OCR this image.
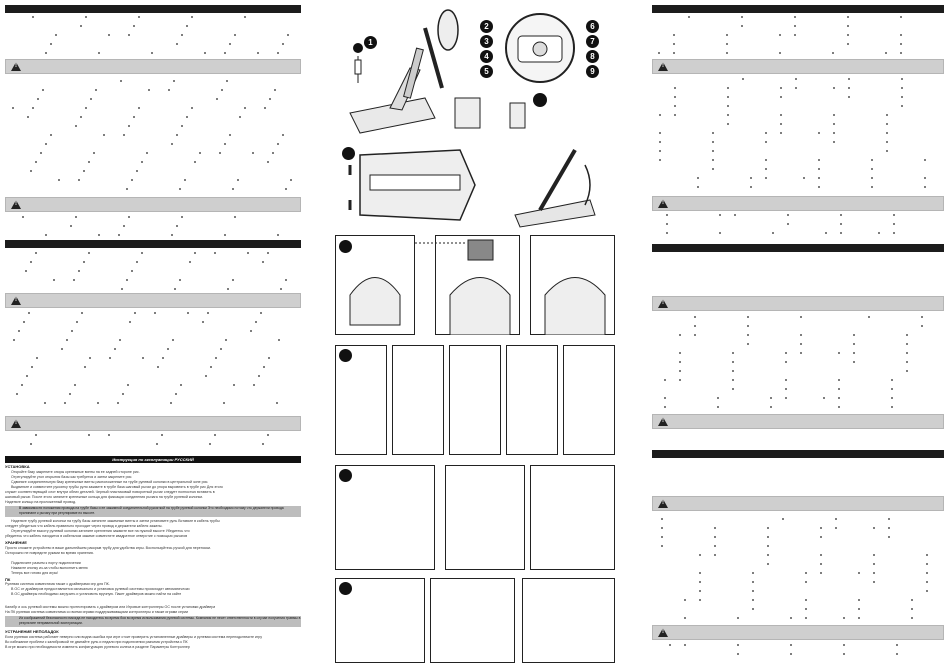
!
!
!
!
Инструкция по эксплуатации РУССКИЙ
УСТАНОВКА
Откройте базу закрепите опоры крепежные винты на ее задней стороне рис.
Отрегулируйте угол открытия базы как требуется и затем закрепите рис.
Сдвиньте соединительную базу крепежные винты расположенные на трубе рулевой колонки в центральной зоне рис.
Выдвиньте и совместите рукоятку трубы руля зажмите в трубе база шаговый рычаг до упора выровнять в трубе рис Для этого
служит соответствующий слот внутри обеих деталей. Черный пластиковый поворотный рычаг следует полностью вставить в
шаговый рычаг. После этого затяните крепежные кольца для фиксации соединения рычага на трубе рулевой колонки.
Наденьте кольцо на проложенный провод.
В зависимости положения провода на трубе базы и ее зажимной соединительной рукояткой на трубе рулевой колонки Это необходимо потому что держатели провода прилипают к рычагу при регулировке по высоте.
Наденьте трубу рулевой колонки на трубу базы затяните зажимные винты и затем установите руль Вставьте в кабель трубы
следует убедиться что кабель правильно проходит через провод и держатели кабеля зажаты.
Отрегулируйте высоту рулевой колонки затяните крепления зажмите все на нужной высоте Убедитесь что
убедитесь что кабель находится в кабельном зажиме совместите квадратное отверстие с помощью рычагов
ХРАНЕНИЕ
Просто сложите устройство в ваше дальнейшем раскрыв трубу для удобства игры. Воспользуйтесь ручкой для переноски.
Осторожно не повредите руками во время хранения.
Подключите разъем к порту подключении
Нажмите кнопку из-за чтобы выполнить меню
Теперь все готово для игры!
ПК
Рулевая система совместима также с драйверами игр для ПК.
В ОС от драйверов предоставляется изначально и установка рулевой системы происходит автоматически
В ОС драйверы необходимо загрузить и установить вручную. Пакет драйверов можно найти на сайте
Калибр и ось рулевой системы можно протестировать с драйвером или Игровые контроллеры ОС после установки драйвера
На ПК рулевая система совместима со всеми играми поддерживающими контроллеры и также играми серии
Из соображений безопасности никогда не находитесь во время боя во время использования рулевой системы. Компания не несет ответственности в случае получения травмы в результате неправильной эксплуатации.
УСТРАНЕНИЕ НЕПОЛАДОК
Если рулевая система работает неверно или видна ошибка при игре стоит проверить установленные драйверы и рулевая система переподключите игру
Во избежание проблем с калибровкой не двигайте руль и педали при подключении разъема устройства к ПК
В игре можно при необходимости изменить конфигурацию рулевого колеса в разделе Параметры Контроллер
1
2
3
4
5
6
7
8
9
!
!
!
!
!
!
